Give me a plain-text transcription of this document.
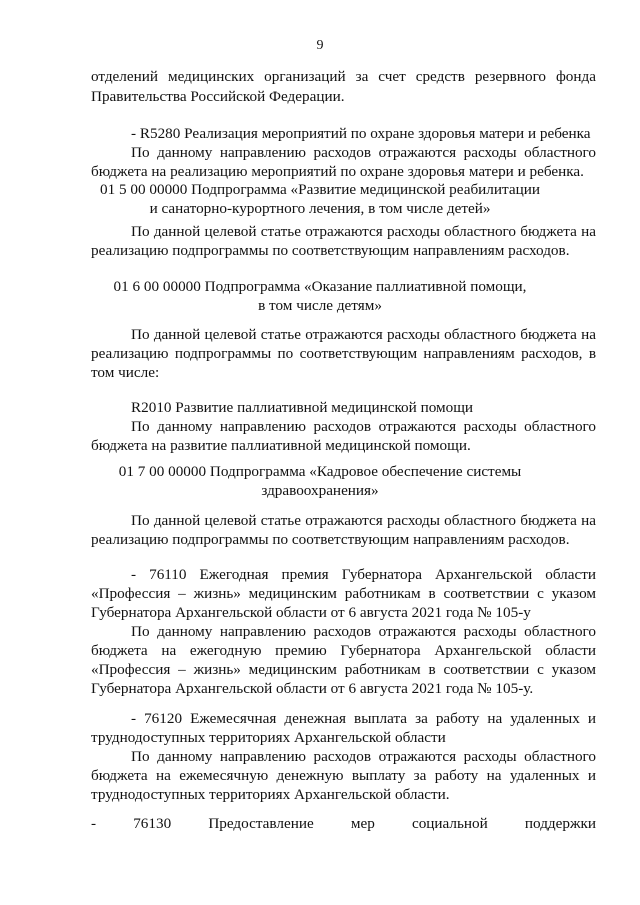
9
отделений медицинских организаций за счет средств резервного фонда
Правительства Российской Федерации.
- R5280 Реализация мероприятий по охране здоровья матери и ребенка
По данному направлению расходов отражаются расходы областного
бюджета на реализацию мероприятий по охране здоровья матери и ребенка.
01 5 00 00000 Подпрограмма «Развитие медицинской реабилитации
и санаторно-курортного лечения, в том числе детей»
По данной целевой статье отражаются расходы областного бюджета на
реализацию подпрограммы по соответствующим направлениям расходов.
01 6 00 00000 Подпрограмма «Оказание паллиативной помощи,
в том числе детям»
По данной целевой статье отражаются расходы областного бюджета на
реализацию подпрограммы по соответствующим направлениям расходов, в
том числе:
R2010 Развитие паллиативной медицинской помощи
По данному направлению расходов отражаются расходы областного
бюджета на развитие паллиативной медицинской помощи.
01 7 00 00000 Подпрограмма «Кадровое обеспечение системы
здравоохранения»
По данной целевой статье отражаются расходы областного бюджета на
реализацию подпрограммы по соответствующим направлениям расходов.
- 76110 Ежегодная премия Губернатора Архангельской области
«Профессия – жизнь» медицинским работникам в соответствии с указом
Губернатора Архангельской области от 6 августа 2021 года № 105-у
По данному направлению расходов отражаются расходы областного
бюджета на ежегодную премию Губернатора Архангельской области
«Профессия – жизнь» медицинским работникам в соответствии с указом
Губернатора Архангельской области от 6 августа 2021 года № 105-у.
- 76120 Ежемесячная денежная выплата за работу на удаленных и
труднодоступных территориях Архангельской области
По данному направлению расходов отражаются расходы областного
бюджета на ежемесячную денежную выплату за работу на удаленных и
труднодоступных территориях Архангельской области.
- 76130 Предоставление мер социальной поддержки
